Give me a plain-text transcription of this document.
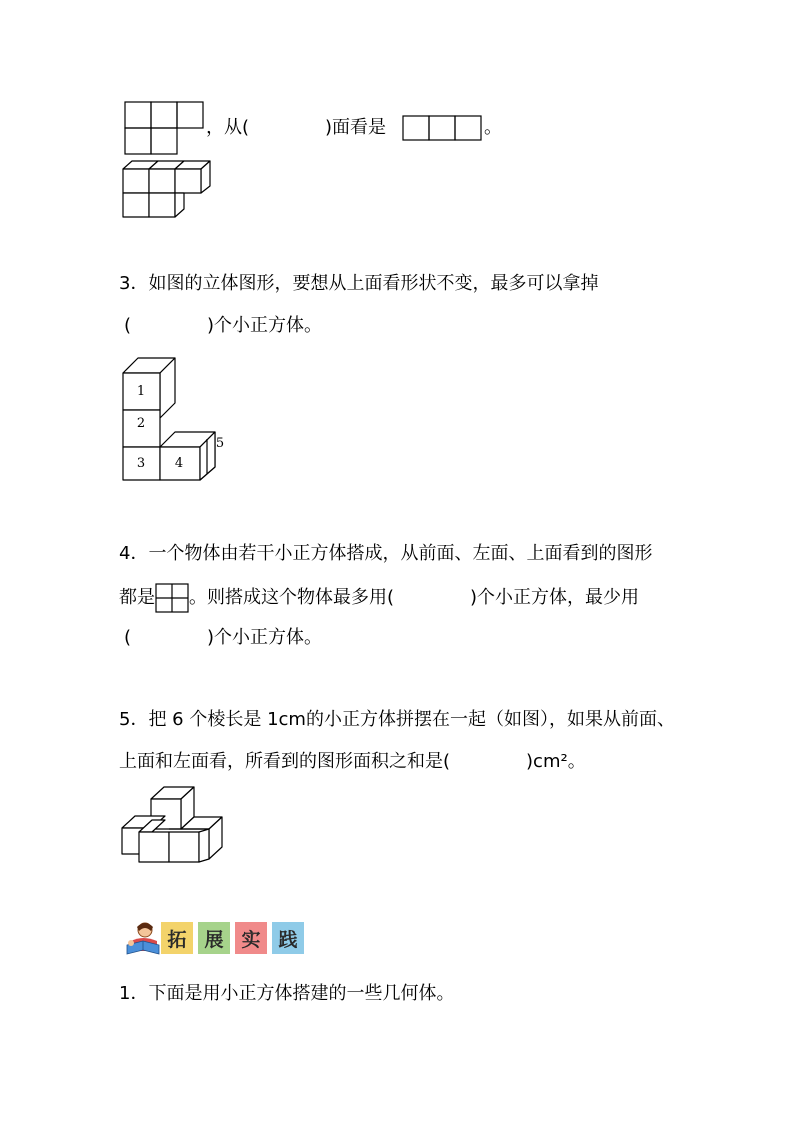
，从(	)面看是	。
3．如图的立体图形，要想从上面看形状不变，最多可以拿掉
(	)个小正方体。
1
2
3 4
5
4．一个物体由若干小正方体搭成，从前面、左面、上面看到的图形
都是 。则搭成这个物体最多用(	)个小正方体，最少用
(	)个小正方体。
5．把 6 个棱长是 1cm的小正方体拼摆在一起（如图），如果从前面、
上面和左面看，所看到的图形面积之和是(	)cm²。
拓 展 实 践
1．下面是用小正方体搭建的一些几何体。
